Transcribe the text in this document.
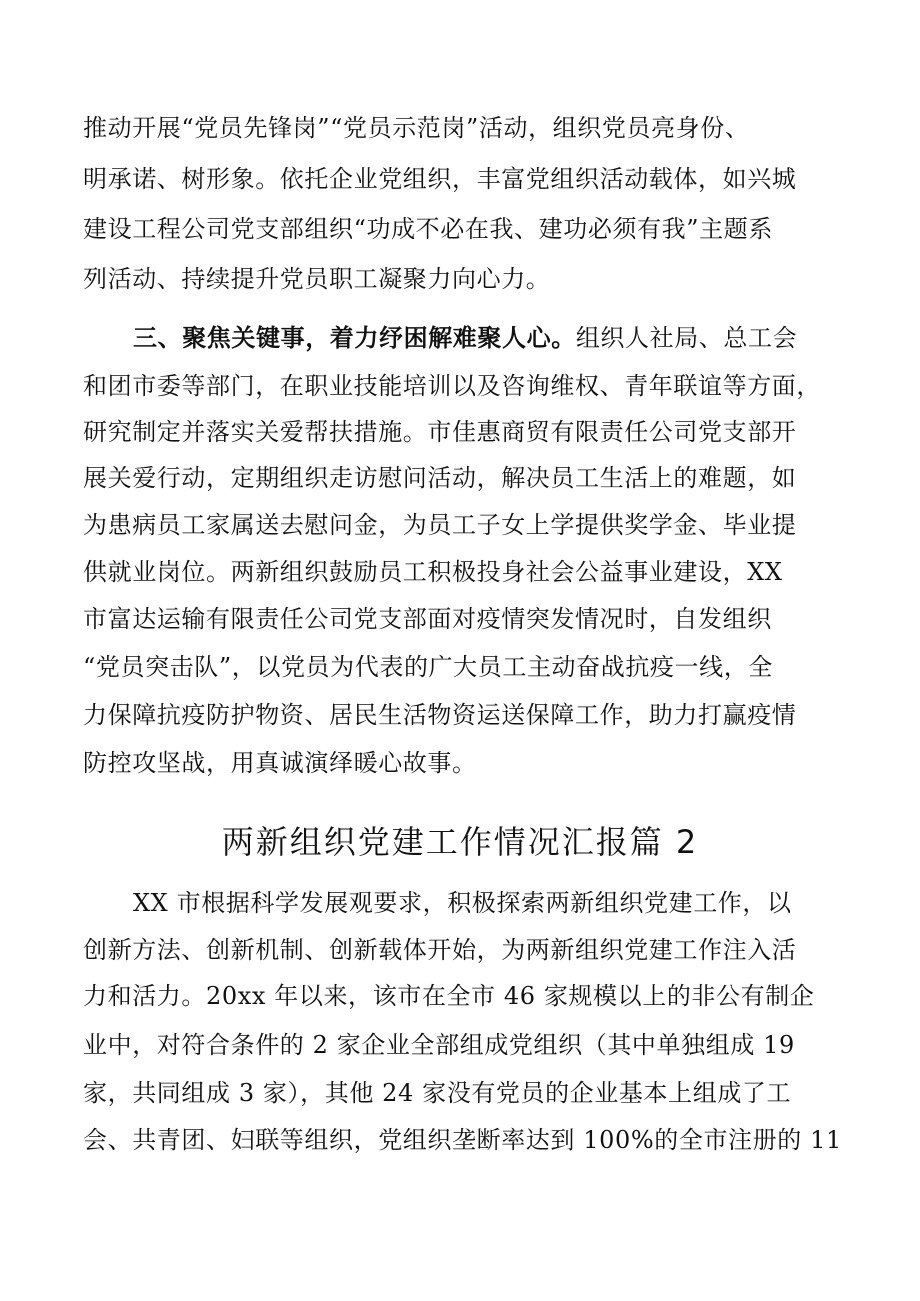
推动开展“党员先锋岗”“党员示范岗”活动，组织党员亮身份、
明承诺、树形象。依托企业党组织，丰富党组织活动载体，如兴城
建设工程公司党支部组织“功成不必在我、建功必须有我”主题系
列活动、持续提升党员职工凝聚力向心力。
三、聚焦关键事，着力纾困解难聚人心。组织人社局、总工会
和团市委等部门，在职业技能培训以及咨询维权、青年联谊等方面，
研究制定并落实关爱帮扶措施。市佳惠商贸有限责任公司党支部开
展关爱行动，定期组织走访慰问活动，解决员工生活上的难题，如
为患病员工家属送去慰问金，为员工子女上学提供奖学金、毕业提
供就业岗位。两新组织鼓励员工积极投身社会公益事业建设，XX
市富达运输有限责任公司党支部面对疫情突发情况时，自发组织
“党员突击队”，以党员为代表的广大员工主动奋战抗疫一线，全
力保障抗疫防护物资、居民生活物资运送保障工作，助力打赢疫情
防控攻坚战，用真诚演绎暖心故事。
两新组织党建工作情况汇报篇 2
XX 市根据科学发展观要求，积极探索两新组织党建工作，以
创新方法、创新机制、创新载体开始，为两新组织党建工作注入活
力和活力。20xx 年以来，该市在全市 46 家规模以上的非公有制企
业中，对符合条件的 2 家企业全部组成党组织（其中单独组成 19
家，共同组成 3 家），其他 24 家没有党员的企业基本上组成了工
会、共青团、妇联等组织，党组织垄断率达到 100%的全市注册的 11
